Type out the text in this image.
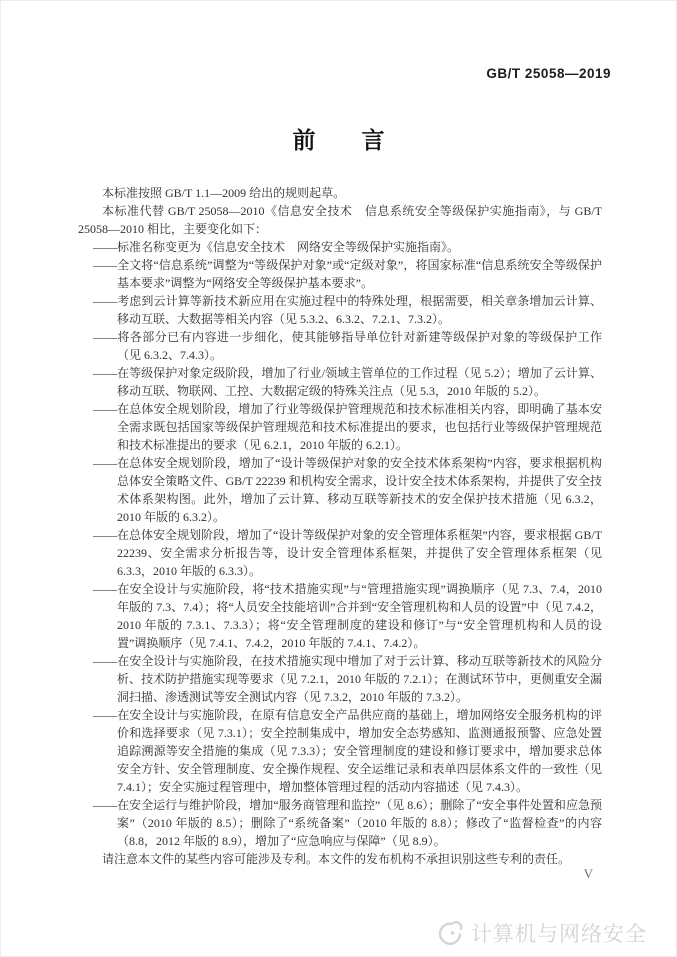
GB/T 25058—2019
前　　言

本标准按照 GB/T 1.1—2009 给出的规则起草。

本标准代替 GB/T 25058—2010《信息安全技术　信息系统安全等级保护实施指南》，与 GB/T 25058—2010 相比，主要变化如下：

——标准名称变更为《信息安全技术　网络安全等级保护实施指南》。
——全文将“信息系统”调整为“等级保护对象”或“定级对象”，将国家标准“信息系统安全等级保护基本要求”调整为“网络安全等级保护基本要求”。
——考虑到云计算等新技术新应用在实施过程中的特殊处理，根据需要，相关章条增加云计算、移动互联、大数据等相关内容（见 5.3.2、6.3.2、7.2.1、7.3.2）。
——将各部分已有内容进一步细化，使其能够指导单位针对新建等级保护对象的等级保护工作（见 6.3.2、7.4.3）。
——在等级保护对象定级阶段，增加了行业/领域主管单位的工作过程（见 5.2）；增加了云计算、移动互联、物联网、工控、大数据定级的特殊关注点（见 5.3，2010 年版的 5.2）。
——在总体安全规划阶段，增加了行业等级保护管理规范和技术标准相关内容，即明确了基本安全需求既包括国家等级保护管理规范和技术标准提出的要求，也包括行业等级保护管理规范和技术标准提出的要求（见 6.2.1，2010 年版的 6.2.1）。
——在总体安全规划阶段，增加了“设计等级保护对象的安全技术体系架构”内容，要求根据机构总体安全策略文件、GB/T 22239 和机构安全需求，设计安全技术体系架构，并提供了安全技术体系架构图。此外，增加了云计算、移动互联等新技术的安全保护技术措施（见 6.3.2，2010 年版的 6.3.2）。
——在总体安全规划阶段，增加了“设计等级保护对象的安全管理体系框架”内容，要求根据 GB/T 22239、安全需求分析报告等，设计安全管理体系框架，并提供了安全管理体系框架（见 6.3.3，2010 年版的 6.3.3）。
——在安全设计与实施阶段，将“技术措施实现”与“管理措施实现”调换顺序（见 7.3、7.4，2010 年版的 7.3、7.4）；将“人员安全技能培训”合并到“安全管理机构和人员的设置”中（见 7.4.2，2010 年版的 7.3.1、7.3.3）；将“安全管理制度的建设和修订”与“安全管理机构和人员的设置”调换顺序（见 7.4.1、7.4.2，2010 年版的 7.4.1、7.4.2）。
——在安全设计与实施阶段，在技术措施实现中增加了对于云计算、移动互联等新技术的风险分析、技术防护措施实现等要求（见 7.2.1，2010 年版的 7.2.1）；在测试环节中，更侧重安全漏洞扫描、渗透测试等安全测试内容（见 7.3.2，2010 年版的 7.3.2）。
——在安全设计与实施阶段，在原有信息安全产品供应商的基础上，增加网络安全服务机构的评价和选择要求（见 7.3.1）；安全控制集成中，增加安全态势感知、监测通报预警、应急处置追踪溯源等安全措施的集成（见 7.3.3）；安全管理制度的建设和修订要求中，增加要求总体安全方针、安全管理制度、安全操作规程、安全运维记录和表单四层体系文件的一致性（见 7.4.1）；安全实施过程管理中，增加整体管理过程的活动内容描述（见 7.4.3）。
——在安全运行与维护阶段，增加“服务商管理和监控”（见 8.6）；删除了“安全事件处置和应急预案”（2010 年版的 8.5）；删除了“系统备案”（2010 年版的 8.8）；修改了“监督检查”的内容（8.8，2012 年版的 8.9），增加了“应急响应与保障”（见 8.9）。

请注意本文件的某些内容可能涉及专利。本文件的发布机构不承担识别这些专利的责任。

V
计算机与网络安全
